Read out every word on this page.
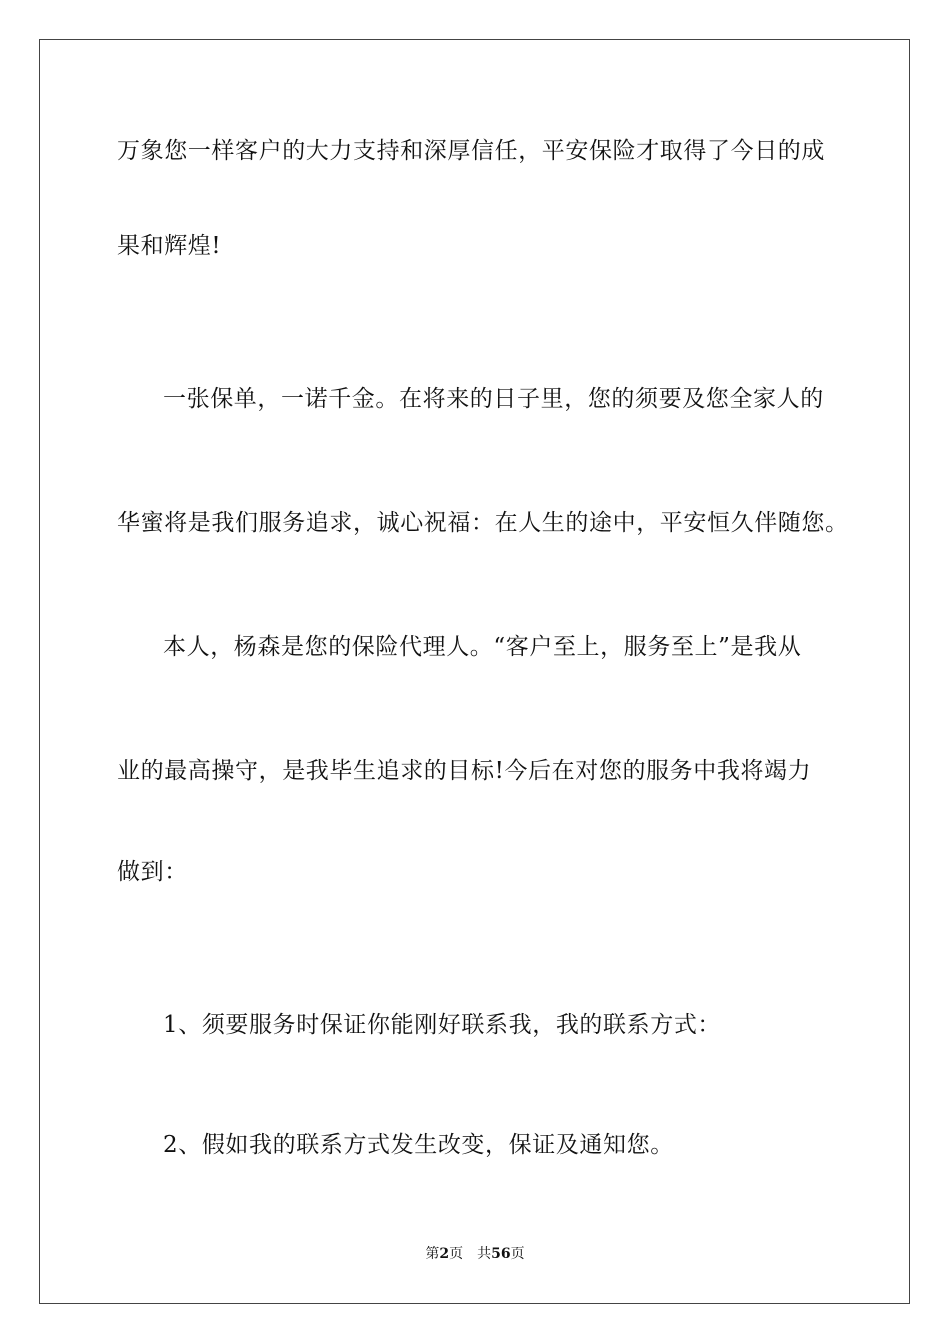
万象您一样客户的大力支持和深厚信任，平安保险才取得了今日的成
果和辉煌!
一张保单，一诺千金。在将来的日子里，您的须要及您全家人的
华蜜将是我们服务追求，诚心祝福：在人生的途中，平安恒久伴随您。
本人，杨森是您的保险代理人。“客户至上，服务至上”是我从
业的最高操守，是我毕生追求的目标!今后在对您的服务中我将竭力
做到：
1、须要服务时保证你能刚好联系我，我的联系方式：
2、假如我的联系方式发生改变，保证及通知您。
第2页 共56页
